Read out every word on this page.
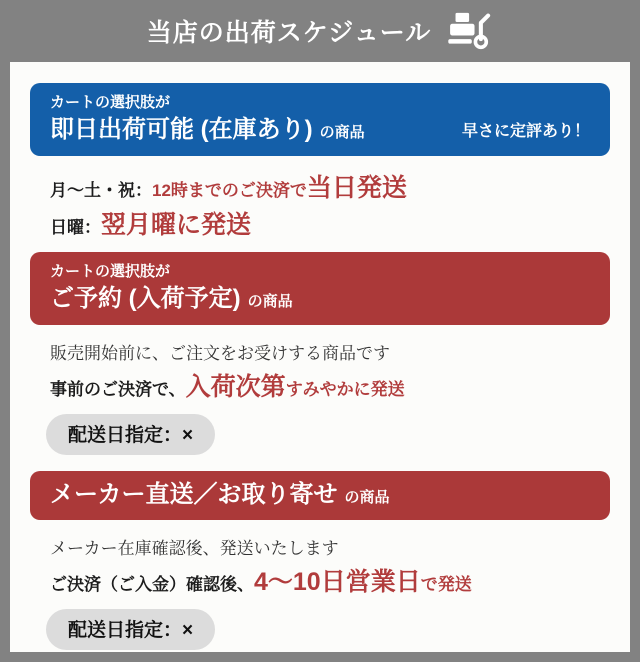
当店の出荷スケジュール
カートの選択肢が
即日出荷可能 (在庫あり) の商品	早さに定評あり！
月〜土・祝：12時までのご決済で当日発送
日曜：翌月曜に発送
カートの選択肢が
ご予約 (入荷予定) の商品
販売開始前に、ご注文をお受けする商品です
事前のご決済で、入荷次第すみやかに発送
配送日指定：×
メーカー直送／お取り寄せ の商品
メーカー在庫確認後、発送いたします
ご決済（ご入金）確認後、4〜10日営業日で発送
配送日指定：×
